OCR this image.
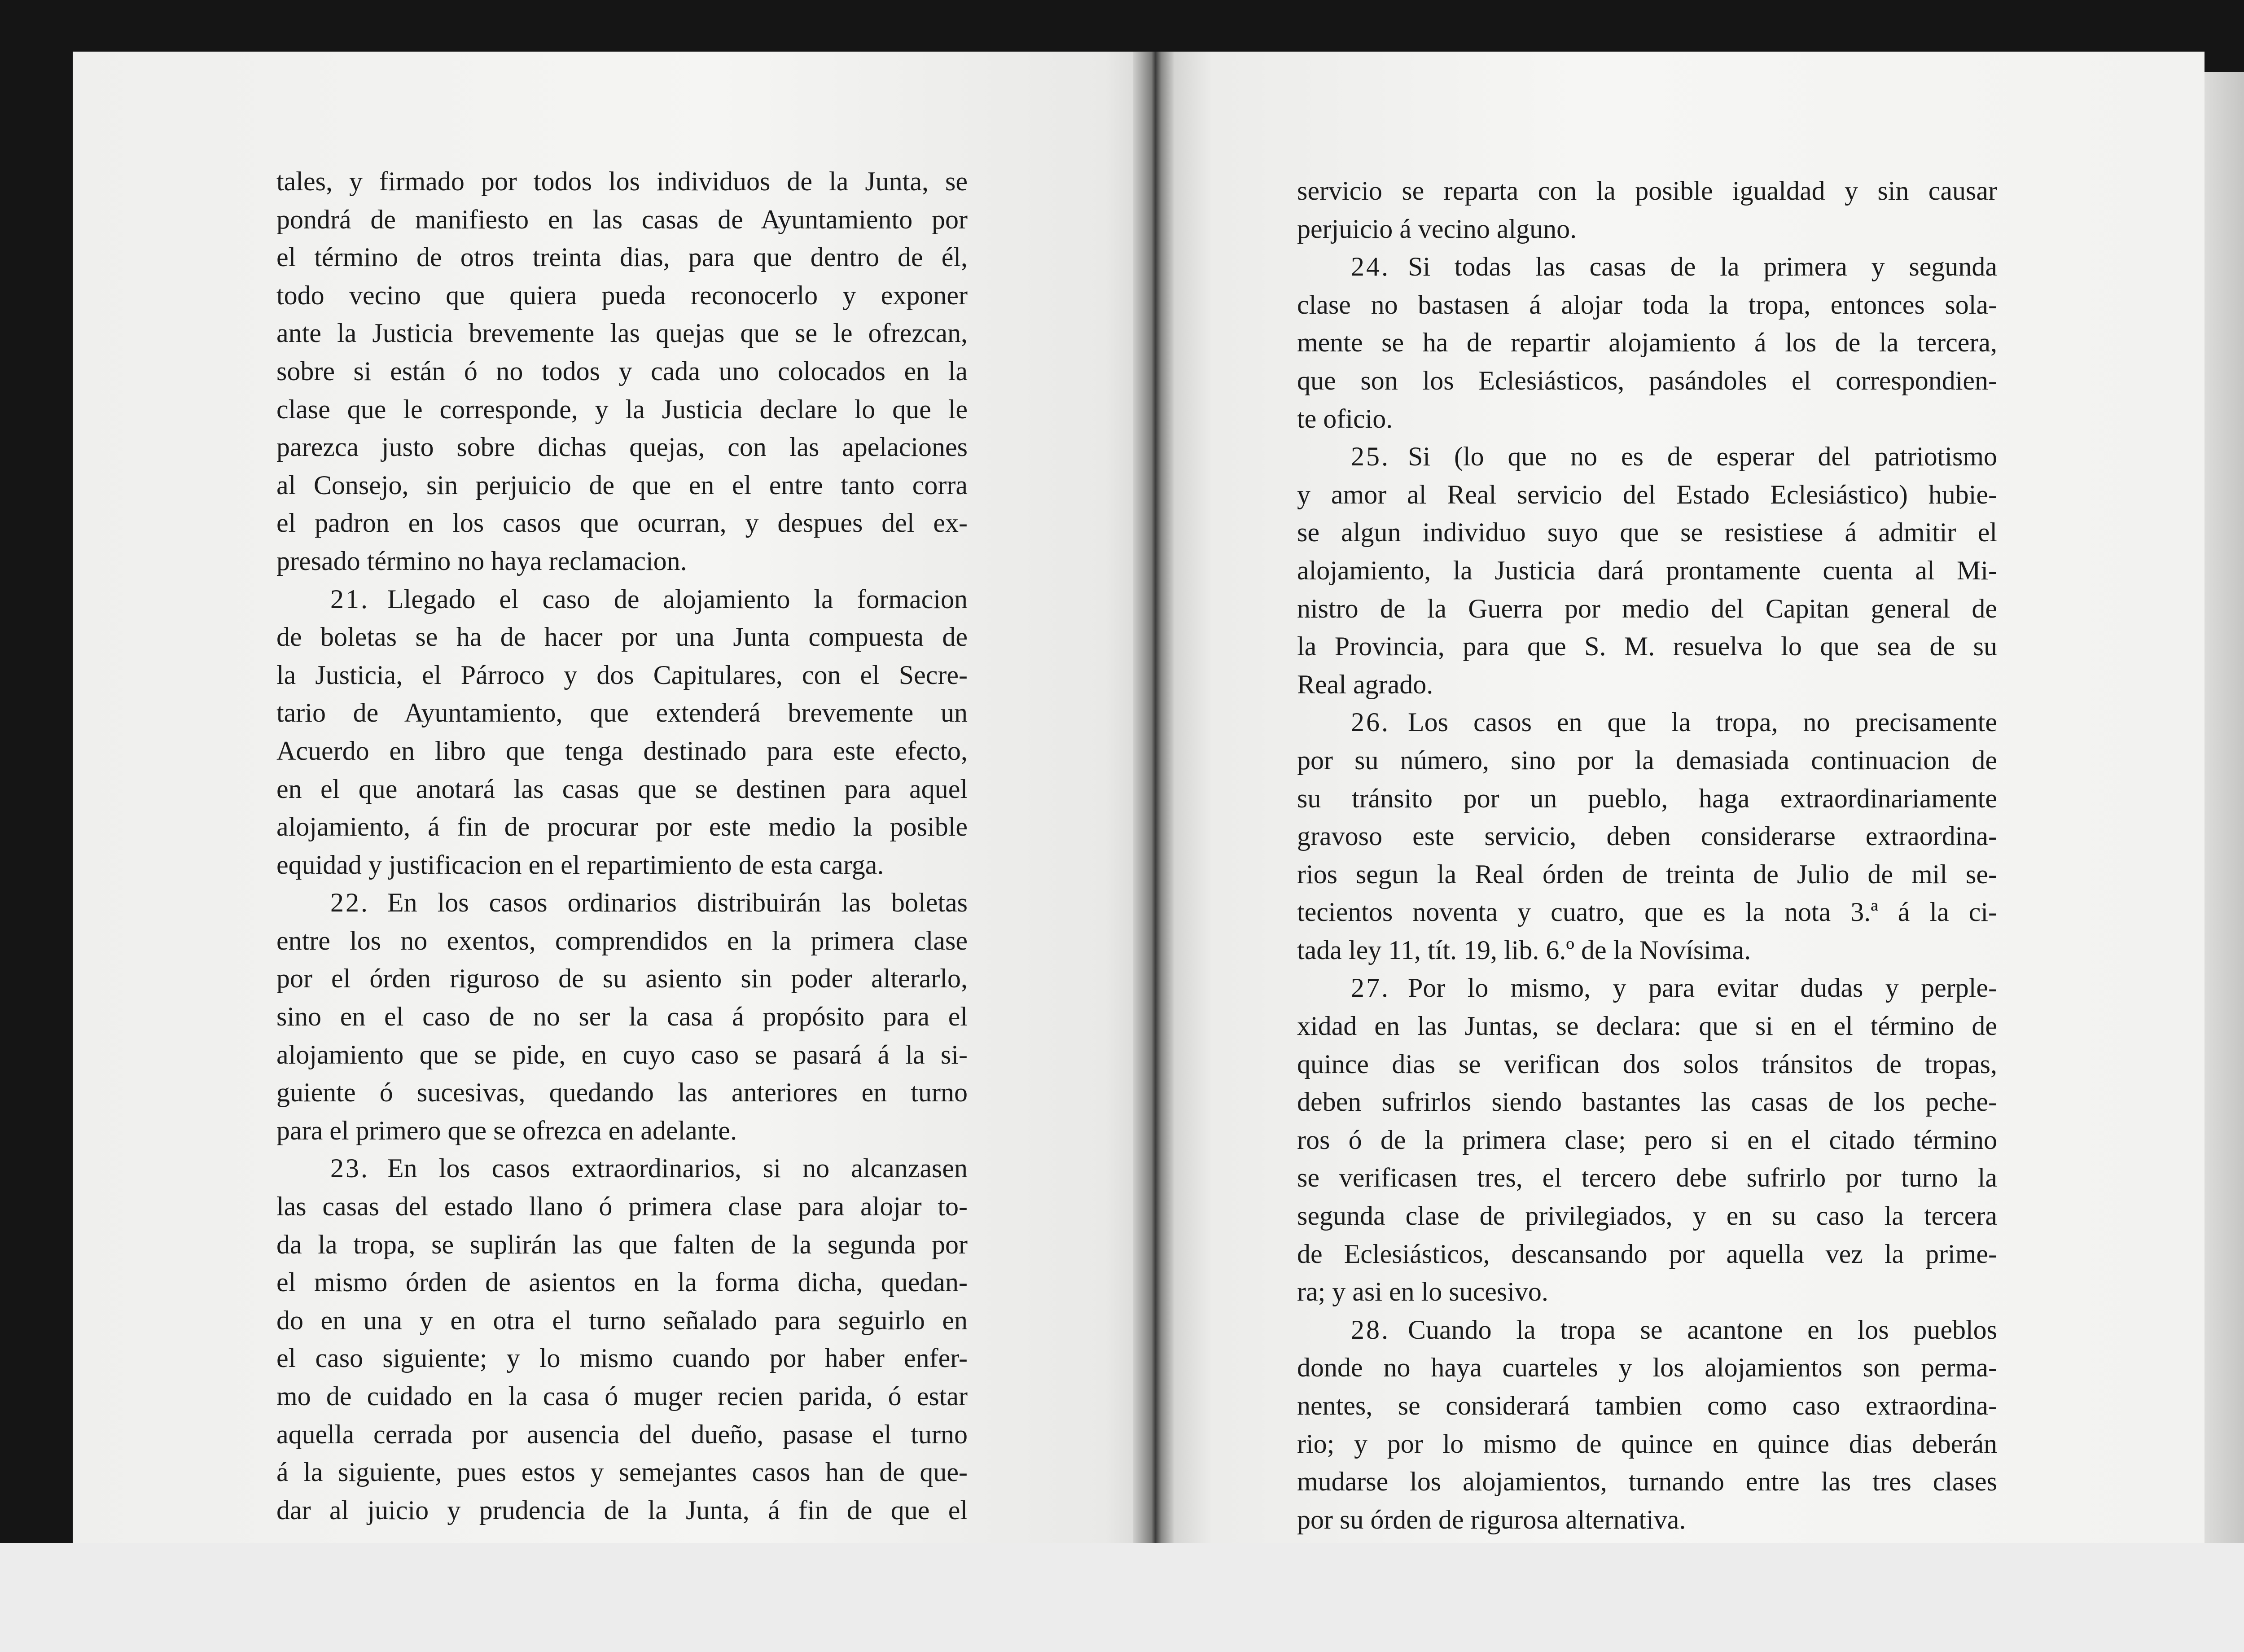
tales, y firmado por todos los individuos de la Junta, se
pondrá de manifiesto en las casas de Ayuntamiento por
el término de otros treinta dias, para que dentro de él,
todo vecino que quiera pueda reconocerlo y exponer
ante la Justicia brevemente las quejas que se le ofrezcan,
sobre si están ó no todos y cada uno colocados en la
clase que le corresponde, y la Justicia declare lo que le
parezca justo sobre dichas quejas, con las apelaciones
al Consejo, sin perjuicio de que en el entre tanto corra
el padron en los casos que ocurran, y despues del ex-
presado término no haya reclamacion.
21. Llegado el caso de alojamiento la formacion
de boletas se ha de hacer por una Junta compuesta de
la Justicia, el Párroco y dos Capitulares, con el Secre-
tario de Ayuntamiento, que extenderá brevemente un
Acuerdo en libro que tenga destinado para este efecto,
en el que anotará las casas que se destinen para aquel
alojamiento, á fin de procurar por este medio la posible
equidad y justificacion en el repartimiento de esta carga.
22. En los casos ordinarios distribuirán las boletas
entre los no exentos, comprendidos en la primera clase
por el órden riguroso de su asiento sin poder alterarlo,
sino en el caso de no ser la casa á propósito para el
alojamiento que se pide, en cuyo caso se pasará á la si-
guiente ó sucesivas, quedando las anteriores en turno
para el primero que se ofrezca en adelante.
23. En los casos extraordinarios, si no alcanzasen
las casas del estado llano ó primera clase para alojar to-
da la tropa, se suplirán las que falten de la segunda por
el mismo órden de asientos en la forma dicha, quedan-
do en una y en otra el turno señalado para seguirlo en
el caso siguiente; y lo mismo cuando por haber enfer-
mo de cuidado en la casa ó muger recien parida, ó estar
aquella cerrada por ausencia del dueño, pasase el turno
á la siguiente, pues estos y semejantes casos han de que-
dar al juicio y prudencia de la Junta, á fin de que el
servicio se reparta con la posible igualdad y sin causar
perjuicio á vecino alguno.
24. Si todas las casas de la primera y segunda
clase no bastasen á alojar toda la tropa, entonces sola-
mente se ha de repartir alojamiento á los de la tercera,
que son los Eclesiásticos, pasándoles el correspondien-
te oficio.
25. Si (lo que no es de esperar del patriotismo
y amor al Real servicio del Estado Eclesiástico) hubie-
se algun individuo suyo que se resistiese á admitir el
alojamiento, la Justicia dará prontamente cuenta al Mi-
nistro de la Guerra por medio del Capitan general de
la Provincia, para que S. M. resuelva lo que sea de su
Real agrado.
26. Los casos en que la tropa, no precisamente
por su número, sino por la demasiada continuacion de
su tránsito por un pueblo, haga extraordinariamente
gravoso este servicio, deben considerarse extraordina-
rios segun la Real órden de treinta de Julio de mil se-
tecientos noventa y cuatro, que es la nota 3.ª á la ci-
tada ley 11, tít. 19, lib. 6.º de la Novísima.
27. Por lo mismo, y para evitar dudas y perple-
xidad en las Juntas, se declara: que si en el término de
quince dias se verifican dos solos tránsitos de tropas,
deben sufrirlos siendo bastantes las casas de los peche-
ros ó de la primera clase; pero si en el citado término
se verificasen tres, el tercero debe sufrirlo por turno la
segunda clase de privilegiados, y en su caso la tercera
de Eclesiásticos, descansando por aquella vez la prime-
ra; y asi en lo sucesivo.
28. Cuando la tropa se acantone en los pueblos
donde no haya cuarteles y los alojamientos son perma-
nentes, se considerará tambien como caso extraordina-
rio; y por lo mismo de quince en quince dias deberán
mudarse los alojamientos, turnando entre las tres clases
por su órden de rigurosa alternativa.
